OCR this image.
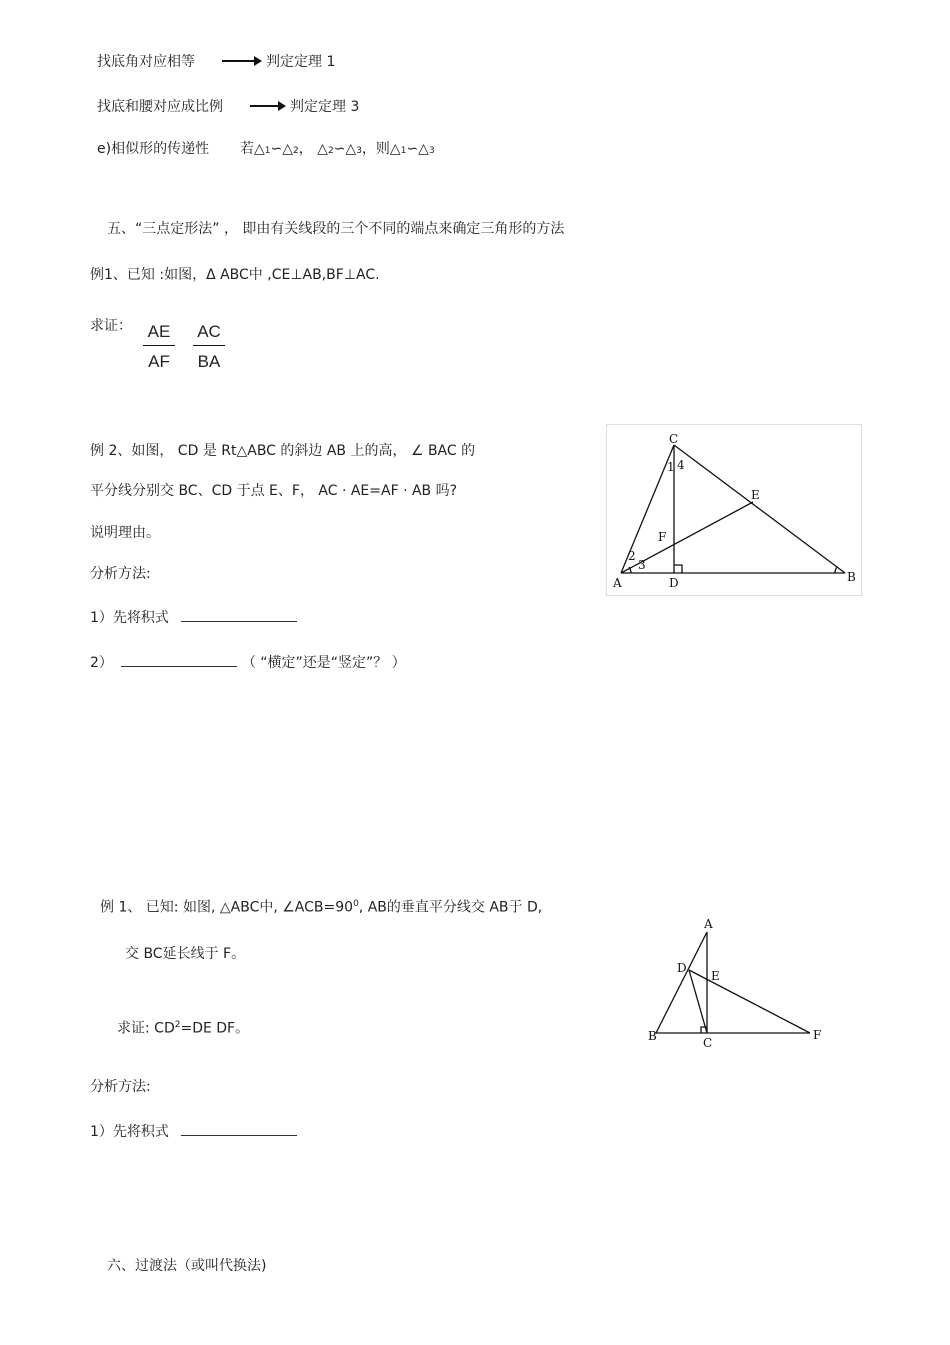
找底角对应相等	判定定理 1
找底和腰对应成比例	判定定理 3
e)相似形的传递性 若△1∽△2， △2∽△3，则△1∽△3
五、“三点定形法” ， 即由有关线段的三个不同的端点来确定三角形的方法
例1、已知 :如图，Δ ABC中 ,CE⊥AB,BF⊥AC.
求证： $\frac{AE}{AF} \frac{AC}{BA}$
例 2、如图， CD 是 Rt△ABC 的斜边 AB 上的高， ∠ BAC 的
平分线分别交 BC、CD 于点 E、F， AC · AE=AF · AB 吗?
说明理由。
分析方法:
1）先将积式
2）	（ “横定”还是“竖定”？ ）
C
1 4
E
F
2
3
A	D	B
例 1、 已知: 如图, △ABC中, $\angle ACB=90^0$, AB的垂直平分线交 AB于 D,
交 BC延长线于 F。
求证: $CD^2=DE$ DF。
分析方法:
1）先将积式
A
D
E
B	C
F
六、过渡法（或叫代换法)
